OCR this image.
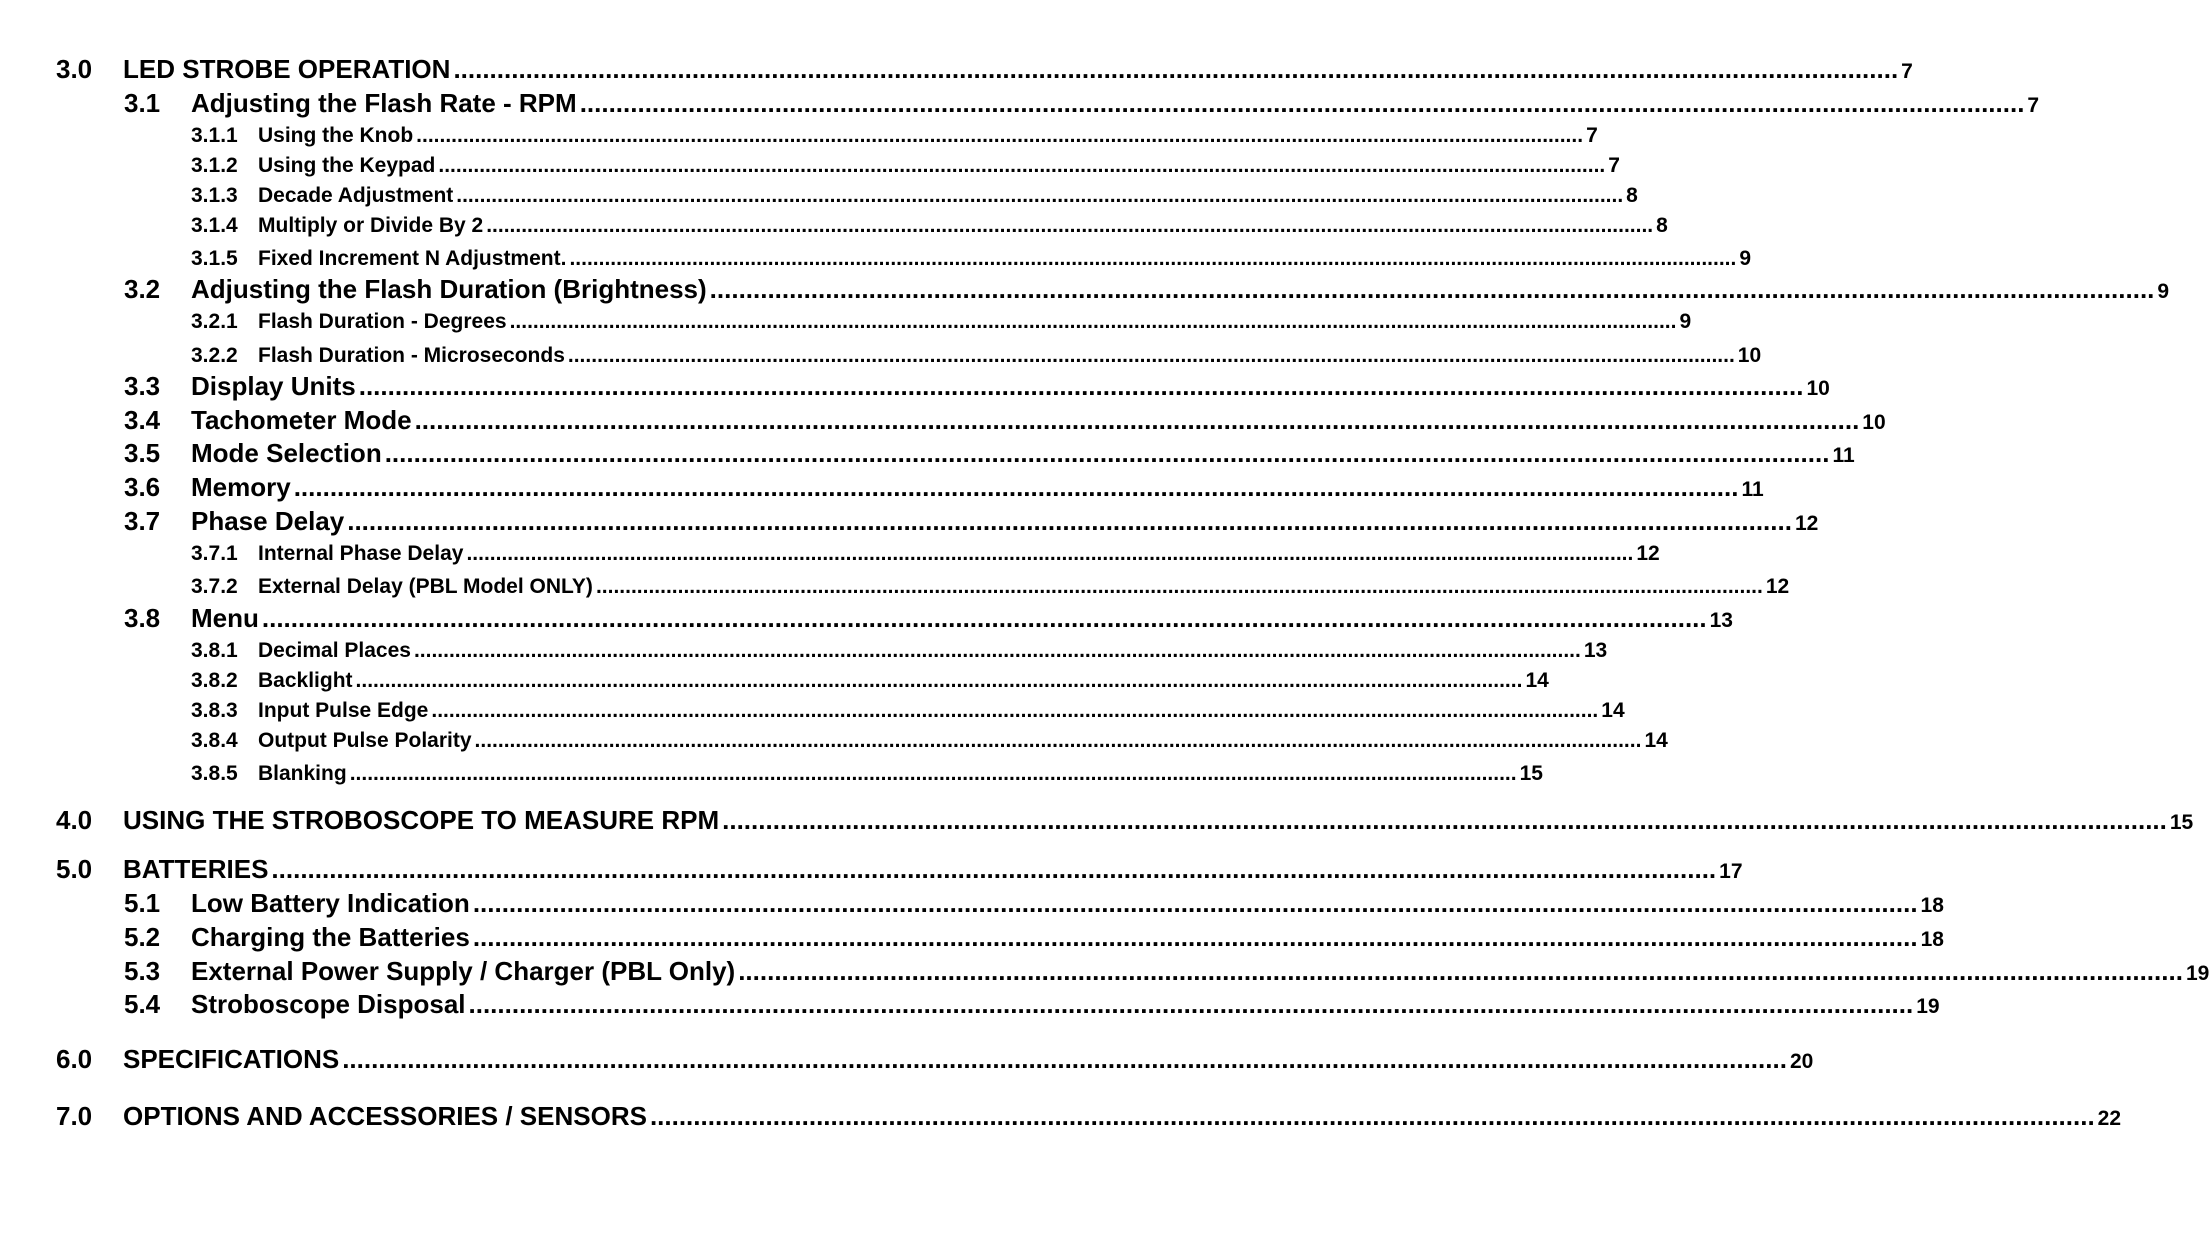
3.0 LED STROBE OPERATION ........................................................................................................................................................................................................ 7
3.1 Adjusting the Flash Rate - RPM ........................................................................................................................................................................................................ 7
3.1.1 Using the Knob ........................................................................................................................................................................................................ 7
3.1.2 Using the Keypad ........................................................................................................................................................................................................ 7
3.1.3 Decade Adjustment ........................................................................................................................................................................................................ 8
3.1.4 Multiply or Divide By 2 ........................................................................................................................................................................................................ 8
3.1.5 Fixed Increment N Adjustment. ........................................................................................................................................................................................................ 9
3.2 Adjusting the Flash Duration (Brightness) ........................................................................................................................................................................................................ 9
3.2.1 Flash Duration - Degrees ........................................................................................................................................................................................................ 9
3.2.2 Flash Duration - Microseconds ........................................................................................................................................................................................................ 10
3.3 Display Units ........................................................................................................................................................................................................ 10
3.4 Tachometer Mode ........................................................................................................................................................................................................ 10
3.5 Mode Selection ........................................................................................................................................................................................................ 11
3.6 Memory ........................................................................................................................................................................................................ 11
3.7 Phase Delay ........................................................................................................................................................................................................ 12
3.7.1 Internal Phase Delay ........................................................................................................................................................................................................ 12
3.7.2 External Delay (PBL Model ONLY) ........................................................................................................................................................................................................ 12
3.8 Menu ........................................................................................................................................................................................................ 13
3.8.1 Decimal Places ........................................................................................................................................................................................................ 13
3.8.2 Backlight ........................................................................................................................................................................................................ 14
3.8.3 Input Pulse Edge ........................................................................................................................................................................................................ 14
3.8.4 Output Pulse Polarity ........................................................................................................................................................................................................ 14
3.8.5 Blanking ........................................................................................................................................................................................................ 15
4.0 USING THE STROBOSCOPE TO MEASURE RPM ........................................................................................................................................................................................................ 15
5.0 BATTERIES ........................................................................................................................................................................................................ 17
5.1 Low Battery Indication ........................................................................................................................................................................................................ 18
5.2 Charging the Batteries ........................................................................................................................................................................................................ 18
5.3 External Power Supply / Charger (PBL Only) ........................................................................................................................................................................................................ 19
5.4 Stroboscope Disposal ........................................................................................................................................................................................................ 19
6.0 SPECIFICATIONS ........................................................................................................................................................................................................ 20
7.0 OPTIONS AND ACCESSORIES / SENSORS ........................................................................................................................................................................................................ 22
